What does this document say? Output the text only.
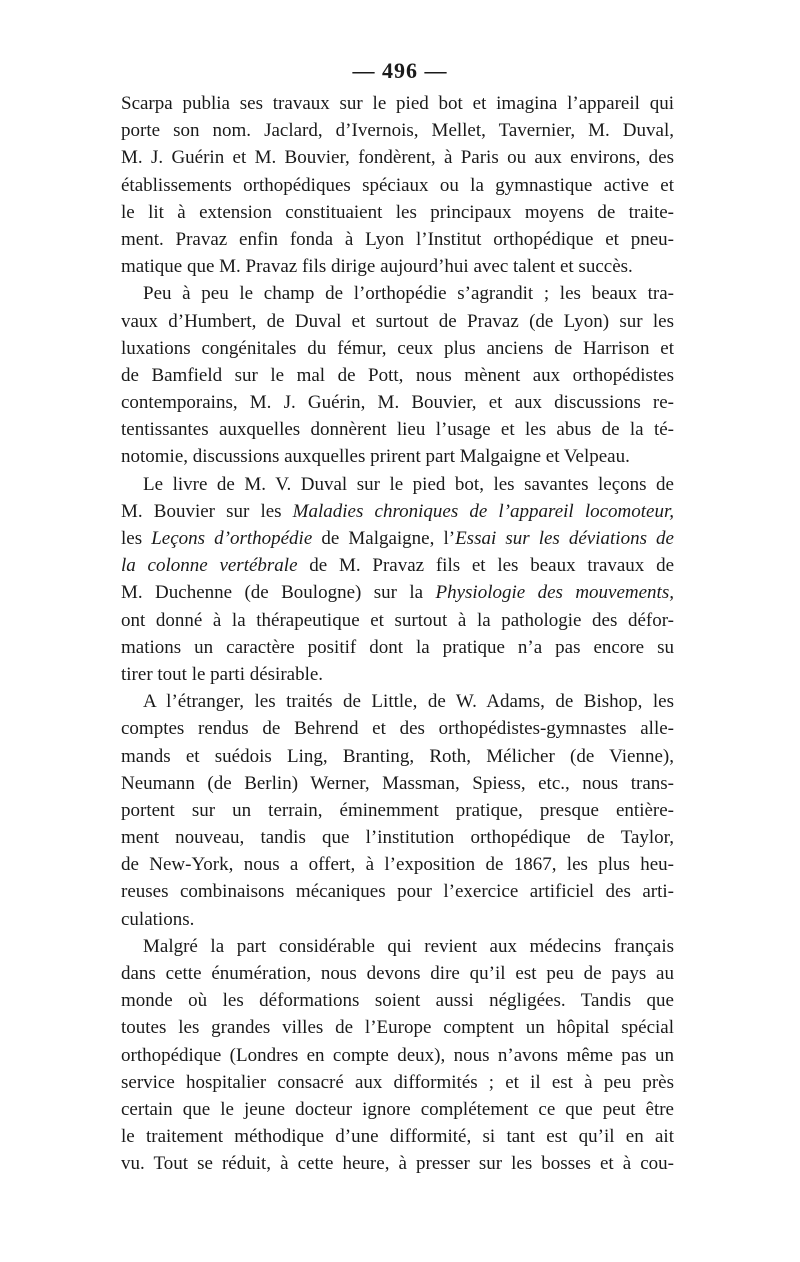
— 496 —
Scarpa publia ses travaux sur le pied bot et imagina l’appareil qui
porte son nom. Jaclard, d’Ivernois, Mellet, Tavernier, M. Duval,
M. J. Guérin et M. Bouvier, fondèrent, à Paris ou aux environs, des
établissements orthopédiques spéciaux ou la gymnastique active et
le lit à extension constituaient les principaux moyens de traite-
ment. Pravaz enfin fonda à Lyon l’Institut orthopédique et pneu-
matique que M. Pravaz fils dirige aujourd’hui avec talent et succès.
Peu à peu le champ de l’orthopédie s’agrandit ; les beaux tra-
vaux d’Humbert, de Duval et surtout de Pravaz (de Lyon) sur les
luxations congénitales du fémur, ceux plus anciens de Harrison et
de Bamfield sur le mal de Pott, nous mènent aux orthopédistes
contemporains, M. J. Guérin, M. Bouvier, et aux discussions re-
tentissantes auxquelles donnèrent lieu l’usage et les abus de la té-
notomie, discussions auxquelles prirent part Malgaigne et Velpeau.
Le livre de M. V. Duval sur le pied bot, les savantes leçons de
M. Bouvier sur les Maladies chroniques de l’appareil locomoteur,
les Leçons d’orthopédie de Malgaigne, l’Essai sur les déviations de
la colonne vertébrale de M. Pravaz fils et les beaux travaux de
M. Duchenne (de Boulogne) sur la Physiologie des mouvements,
ont donné à la thérapeutique et surtout à la pathologie des défor-
mations un caractère positif dont la pratique n’a pas encore su
tirer tout le parti désirable.
A l’étranger, les traités de Little, de W. Adams, de Bishop, les
comptes rendus de Behrend et des orthopédistes-gymnastes alle-
mands et suédois Ling, Branting, Roth, Mélicher (de Vienne),
Neumann (de Berlin) Werner, Massman, Spiess, etc., nous trans-
portent sur un terrain, éminemment pratique, presque entière-
ment nouveau, tandis que l’institution orthopédique de Taylor,
de New-York, nous a offert, à l’exposition de 1867, les plus heu-
reuses combinaisons mécaniques pour l’exercice artificiel des arti-
culations.
Malgré la part considérable qui revient aux médecins français
dans cette énumération, nous devons dire qu’il est peu de pays au
monde où les déformations soient aussi négligées. Tandis que
toutes les grandes villes de l’Europe comptent un hôpital spécial
orthopédique (Londres en compte deux), nous n’avons même pas un
service hospitalier consacré aux difformités ; et il est à peu près
certain que le jeune docteur ignore complétement ce que peut être
le traitement méthodique d’une difformité, si tant est qu’il en ait
vu. Tout se réduit, à cette heure, à presser sur les bosses et à cou-
